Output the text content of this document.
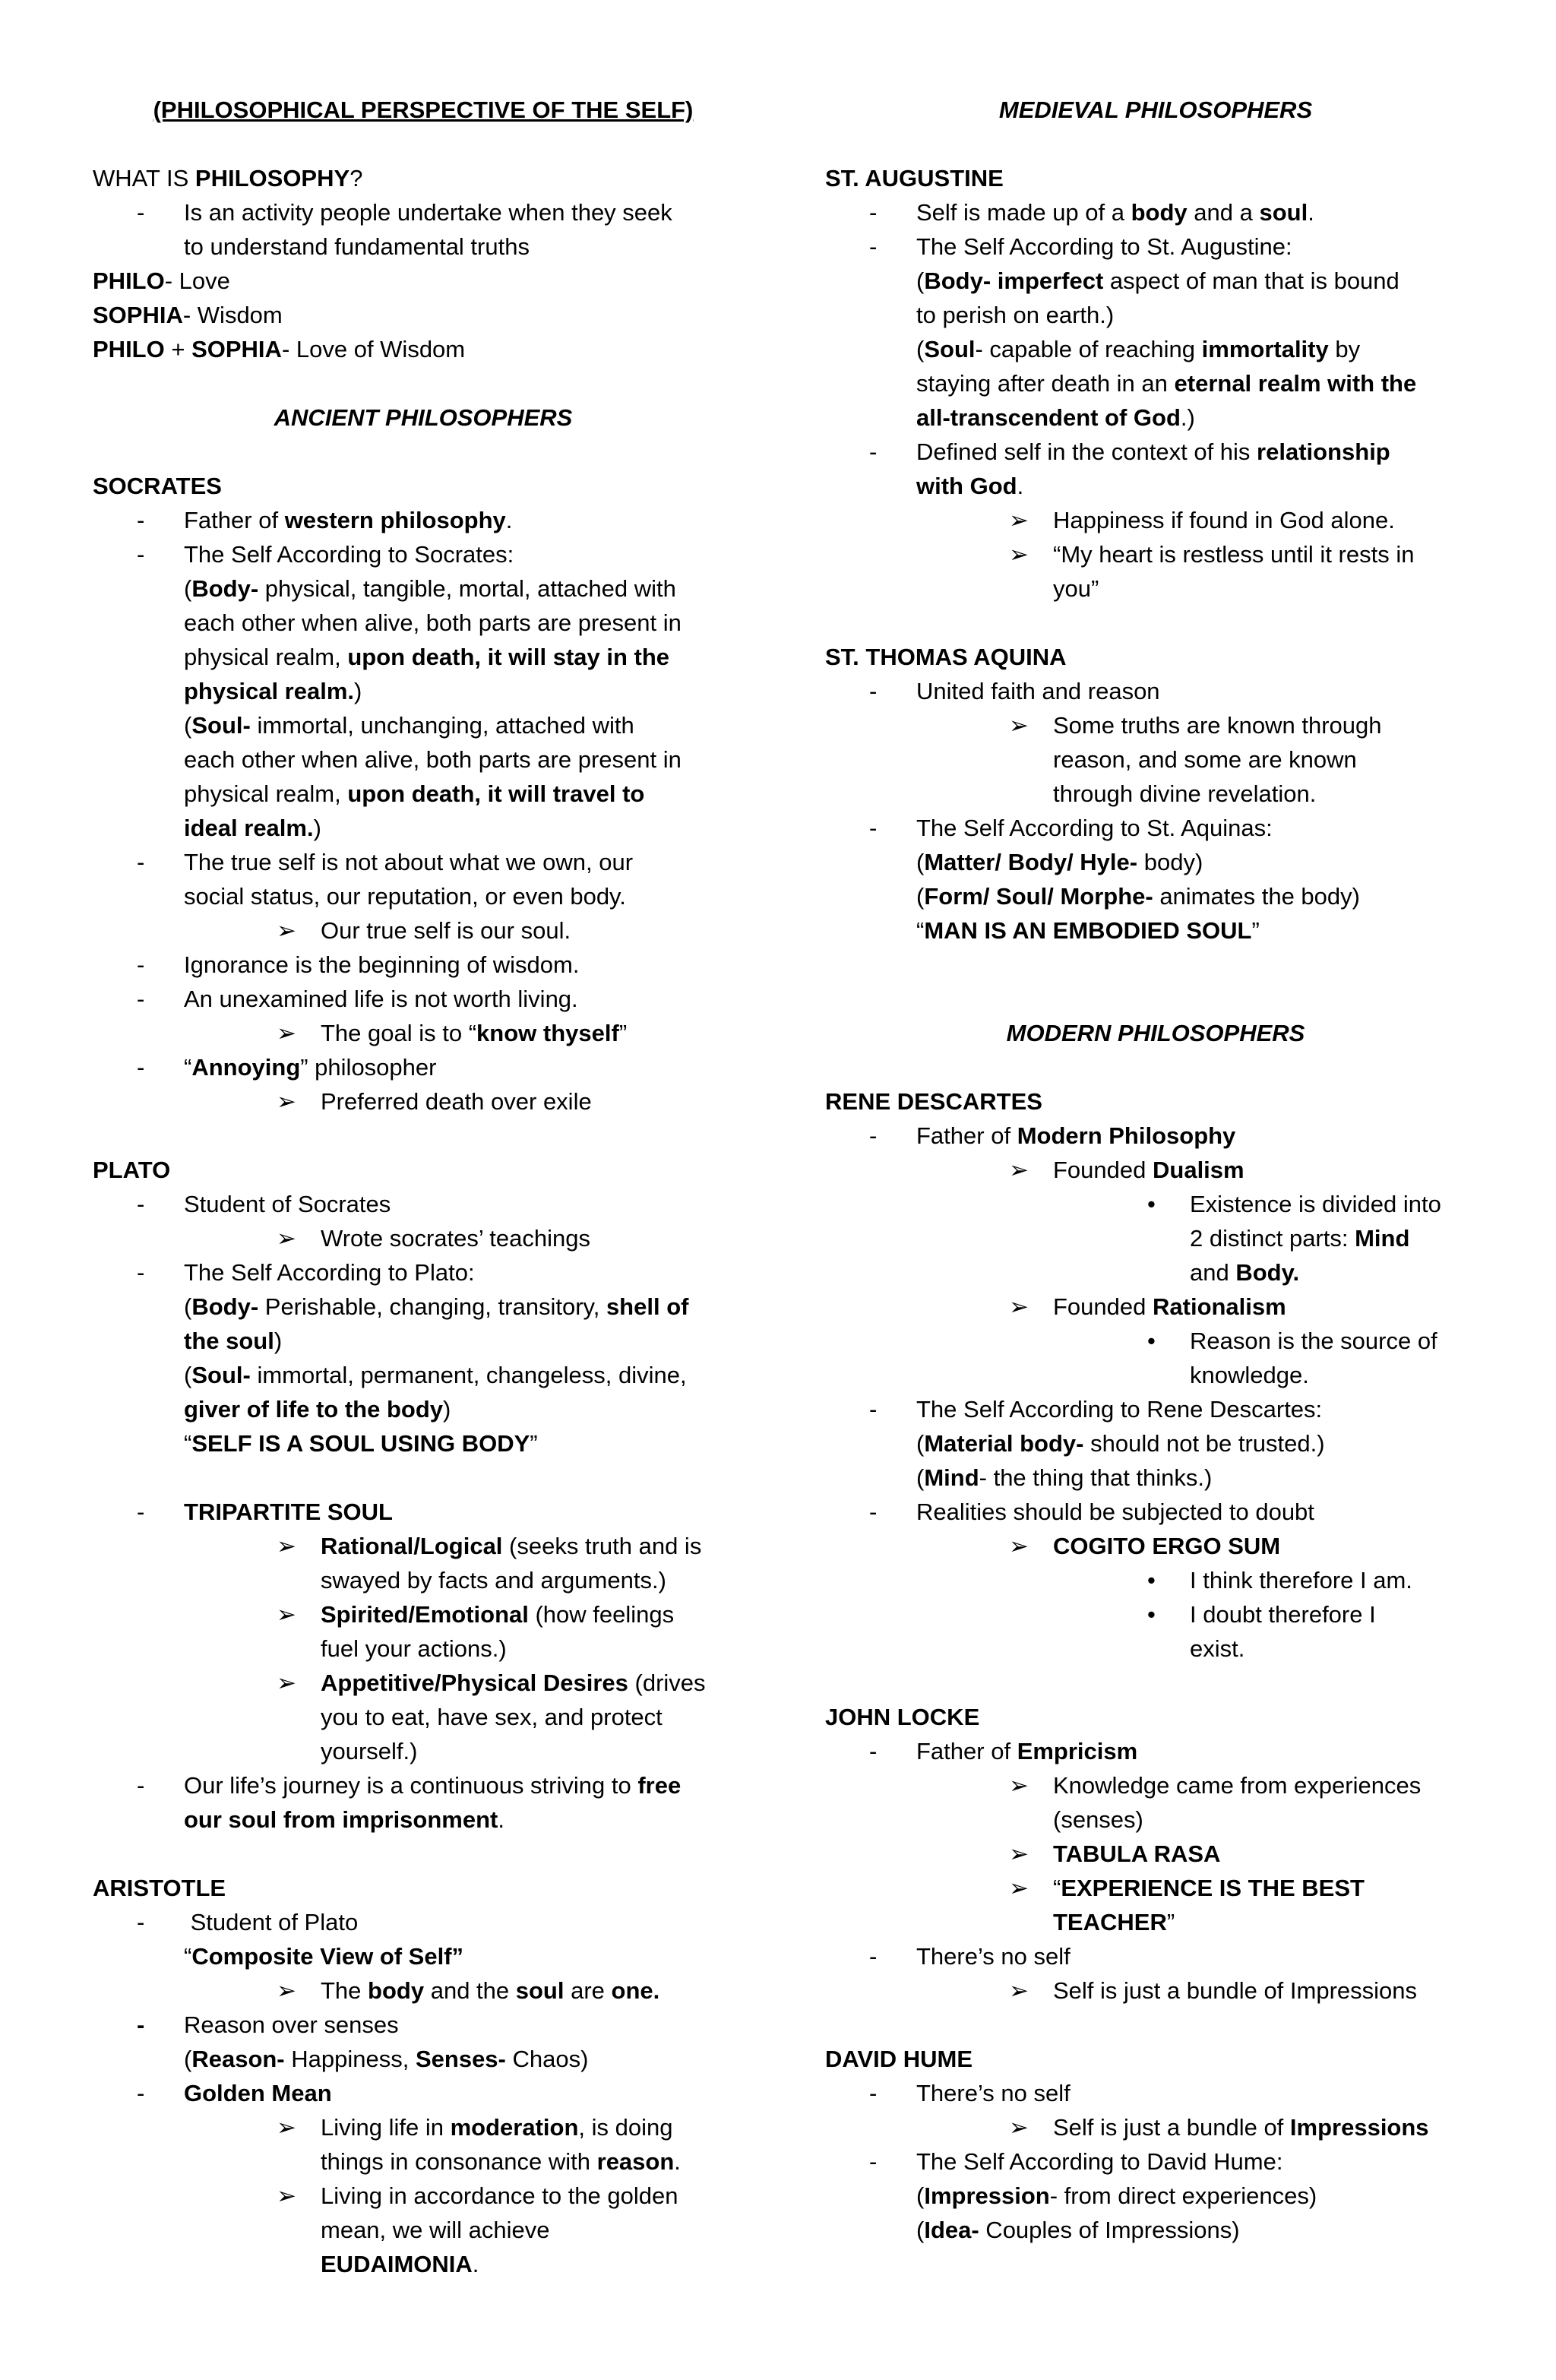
(PHILOSOPHICAL PERSPECTIVE OF THE SELF)
WHAT IS PHILOSOPHY?
- Is an activity people undertake when they seek
to understand fundamental truths
PHILO- Love
SOPHIA- Wisdom
PHILO + SOPHIA- Love of Wisdom
ANCIENT PHILOSOPHERS
SOCRATES
- Father of western philosophy.
- The Self According to Socrates:
(Body- physical, tangible, mortal, attached with
each other when alive, both parts are present in
physical realm, upon death, it will stay in the
physical realm.)
(Soul- immortal, unchanging, attached with
each other when alive, both parts are present in
physical realm, upon death, it will travel to
ideal realm.)
- The true self is not about what we own, our
social status, our reputation, or even body.
➢ Our true self is our soul.
- Ignorance is the beginning of wisdom.
- An unexamined life is not worth living.
➢ The goal is to “know thyself”
- “Annoying” philosopher
➢ Preferred death over exile
PLATO
- Student of Socrates
➢ Wrote socrates’ teachings
- The Self According to Plato:
(Body- Perishable, changing, transitory, shell of
the soul)
(Soul- immortal, permanent, changeless, divine,
giver of life to the body)
“SELF IS A SOUL USING BODY”
- TRIPARTITE SOUL
➢ Rational/Logical (seeks truth and is
swayed by facts and arguments.)
➢ Spirited/Emotional (how feelings
fuel your actions.)
➢ Appetitive/Physical Desires (drives
you to eat, have sex, and protect
yourself.)
- Our life’s journey is a continuous striving to free
our soul from imprisonment.
ARISTOTLE
- Student of Plato
“Composite View of Self”
➢ The body and the soul are one.
- Reason over senses
(Reason- Happiness, Senses- Chaos)
- Golden Mean
➢ Living life in moderation, is doing
things in consonance with reason.
➢ Living in accordance to the golden
mean, we will achieve
EUDAIMONIA.
MEDIEVAL PHILOSOPHERS
ST. AUGUSTINE
- Self is made up of a body and a soul.
- The Self According to St. Augustine:
(Body- imperfect aspect of man that is bound
to perish on earth.)
(Soul- capable of reaching immortality by
staying after death in an eternal realm with the
all-transcendent of God.)
- Defined self in the context of his relationship
with God.
➢ Happiness if found in God alone.
➢ “My heart is restless until it rests in
you”
ST. THOMAS AQUINA
- United faith and reason
➢ Some truths are known through
reason, and some are known
through divine revelation.
- The Self According to St. Aquinas:
(Matter/ Body/ Hyle- body)
(Form/ Soul/ Morphe- animates the body)
“MAN IS AN EMBODIED SOUL”
MODERN PHILOSOPHERS
RENE DESCARTES
- Father of Modern Philosophy
➢ Founded Dualism
• Existence is divided into
2 distinct parts: Mind
and Body.
➢ Founded Rationalism
• Reason is the source of
knowledge.
- The Self According to Rene Descartes:
(Material body- should not be trusted.)
(Mind- the thing that thinks.)
- Realities should be subjected to doubt
➢ COGITO ERGO SUM
• I think therefore I am.
• I doubt therefore I
exist.
JOHN LOCKE
- Father of Empricism
➢ Knowledge came from experiences
(senses)
➢ TABULA RASA
➢ “EXPERIENCE IS THE BEST
TEACHER”
- There’s no self
➢ Self is just a bundle of Impressions
DAVID HUME
- There’s no self
➢ Self is just a bundle of Impressions
- The Self According to David Hume:
(Impression- from direct experiences)
(Idea- Couples of Impressions)
